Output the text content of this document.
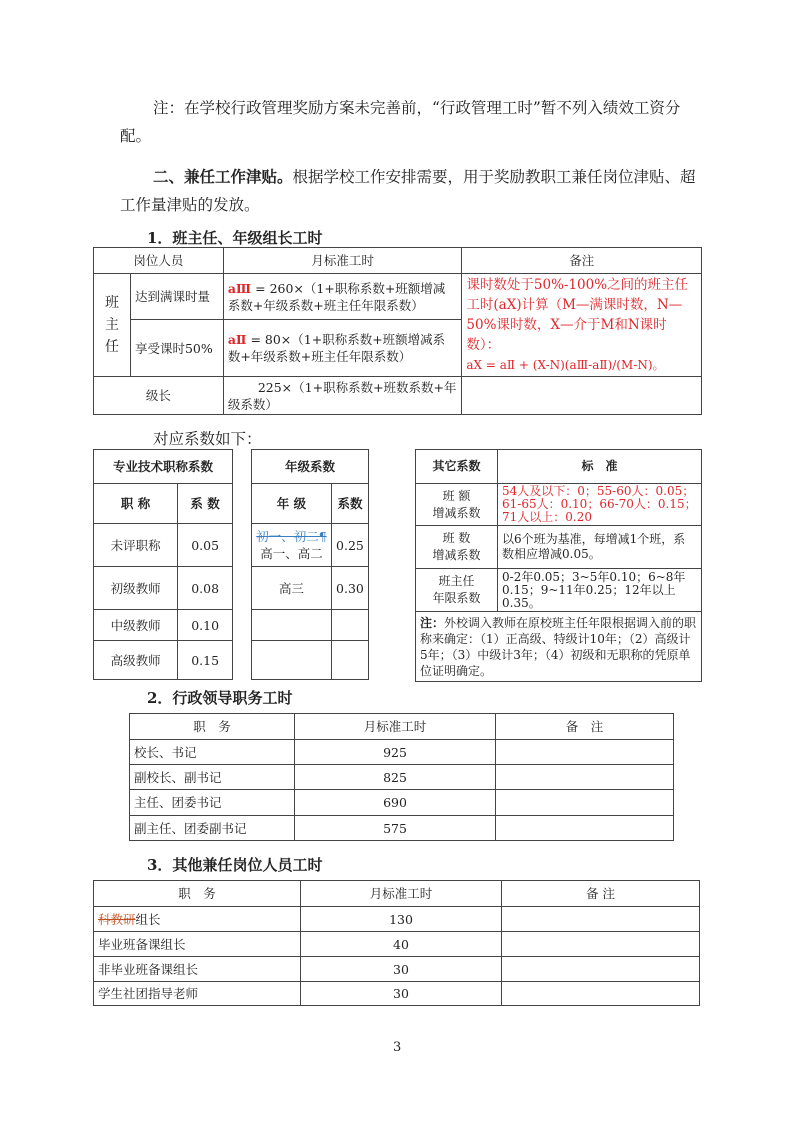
注：在学校行政管理奖励方案未完善前，“行政管理工时”暂不列入绩效工资分配。
二、兼任工作津贴。根据学校工作安排需要，用于奖励教职工兼任岗位津贴、超工作量津贴的发放。
1．班主任、年级组长工时
岗位人员		月标准工时	备注
班主任	达到满课时量	aⅢ = 260×（1+职称系数+班额增减系数+年级系数+班主任年限系数）	课时数处于50%-100%之间的班主任工时(aX)计算（M—满课时数，N—50%课时数，X—介于M和N课时数）：
aX = aⅡ + (X-N)(aⅢ-aⅡ)/(M-N)。
	享受课时50%	aⅡ = 80×（1+职称系数+班额增减系数+年级系数+班主任年限系数）	
级长		225×（1+职称系数+班数系数+年级系数）	
对应系数如下：
专业技术职称系数	
职 称	系 数
未评职称	0.05
初级教师	0.08
中级教师	0.10
高级教师	0.15
年级系数	
年 级	系数
初一、初二¶
高一、高二	0.25
高三	0.30

其它系数	标　准
班 额
增减系数	54人及以下：0；55-60人：0.05；61-65人：0.10；66-70人：0.15；71人以上：0.20
班 数
增减系数	以6个班为基准，每增减1个班，系数相应增减0.05。
班主任
年限系数	0-2年0.05；3~5年0.10；6~8年0.15；9~11年0.25；12年以上0.35。
注：外校调入教师在原校班主任年限根据调入前的职称来确定：（1）正高级、特级计10年；（2）高级计5年；（3）中级计3年；（4）初级和无职称的凭原单位证明确定。	
2．行政领导职务工时
职　务	月标准工时	备　注
校长、书记	925	
副校长、副书记	825	
主任、团委书记	690	
副主任、团委副书记	575	
3．其他兼任岗位人员工时
职　务	月标准工时	备 注
科教研组长	130	
毕业班备课组长	40	
非毕业班备课组长	30	
学生社团指导老师	30	
3
